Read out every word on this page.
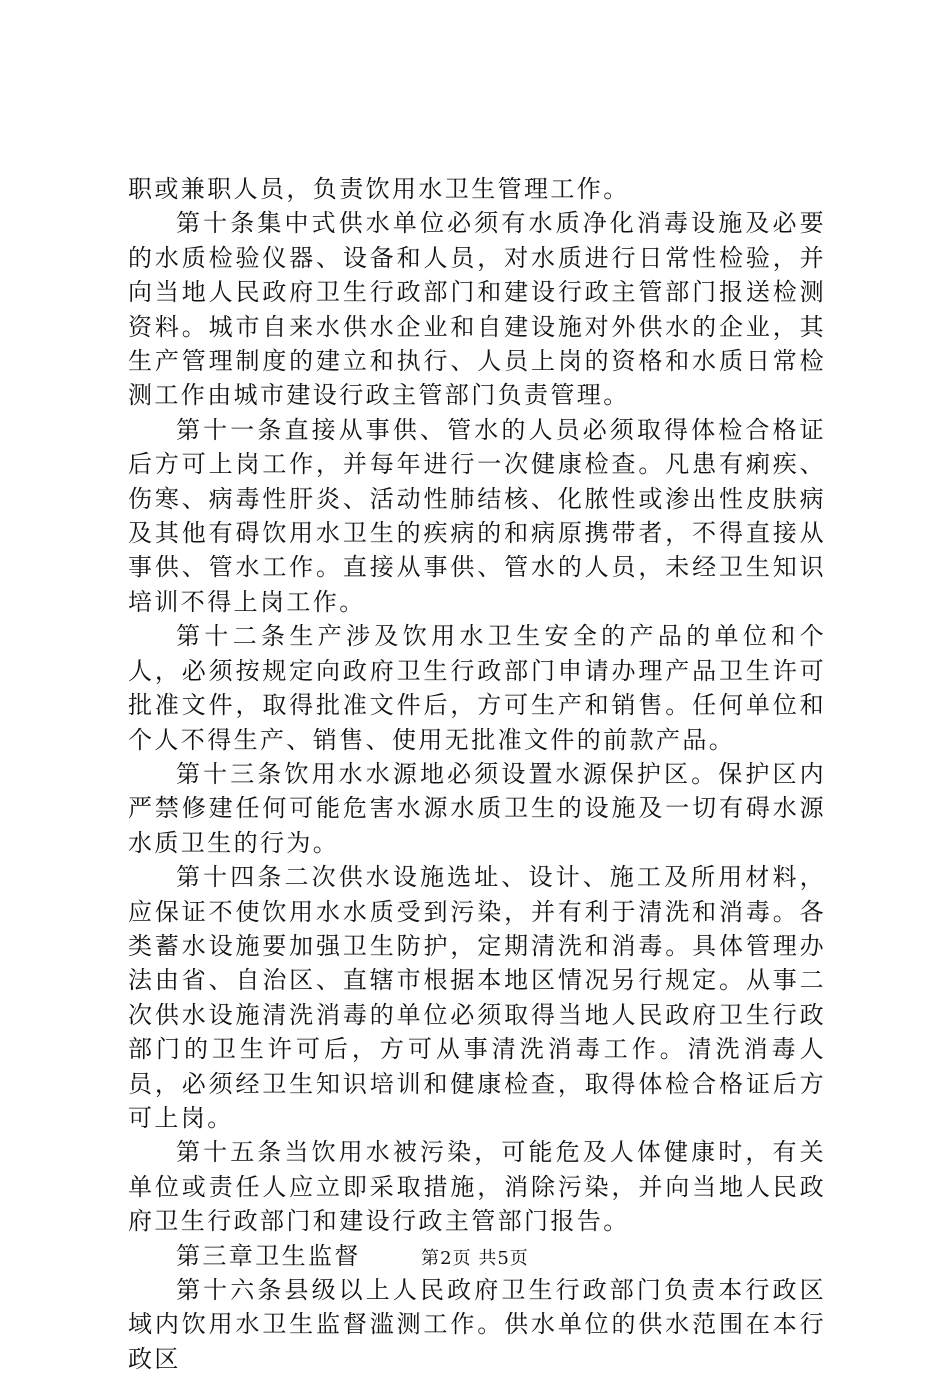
职或兼职人员，负责饮用水卫生管理工作。

第十条集中式供水单位必须有水质净化消毒设施及必要的水质检验仪器、设备和人员，对水质进行日常性检验，并向当地人民政府卫生行政部门和建设行政主管部门报送检测资料。城市自来水供水企业和自建设施对外供水的企业，其生产管理制度的建立和执行、人员上岗的资格和水质日常检测工作由城市建设行政主管部门负责管理。

第十一条直接从事供、管水的人员必须取得体检合格证后方可上岗工作，并每年进行一次健康检查。凡患有痢疾、伤寒、病毒性肝炎、活动性肺结核、化脓性或渗出性皮肤病及其他有碍饮用水卫生的疾病的和病原携带者，不得直接从事供、管水工作。直接从事供、管水的人员，未经卫生知识培训不得上岗工作。

第十二条生产涉及饮用水卫生安全的产品的单位和个人，必须按规定向政府卫生行政部门申请办理产品卫生许可批准文件，取得批准文件后，方可生产和销售。任何单位和个人不得生产、销售、使用无批准文件的前款产品。

第十三条饮用水水源地必须设置水源保护区。保护区内严禁修建任何可能危害水源水质卫生的设施及一切有碍水源水质卫生的行为。

第十四条二次供水设施选址、设计、施工及所用材料，应保证不使饮用水水质受到污染，并有利于清洗和消毒。各类蓄水设施要加强卫生防护，定期清洗和消毒。具体管理办法由省、自治区、直辖市根据本地区情况另行规定。从事二次供水设施清洗消毒的单位必须取得当地人民政府卫生行政部门的卫生许可后，方可从事清洗消毒工作。清洗消毒人员，必须经卫生知识培训和健康检查，取得体检合格证后方可上岗。

第十五条当饮用水被污染，可能危及人体健康时，有关单位或责任人应立即采取措施，消除污染，并向当地人民政府卫生行政部门和建设行政主管部门报告。

第三章卫生监督

第十六条县级以上人民政府卫生行政部门负责本行政区域内饮用水卫生监督滥测工作。供水单位的供水范围在本行政区

第2页 共5页
